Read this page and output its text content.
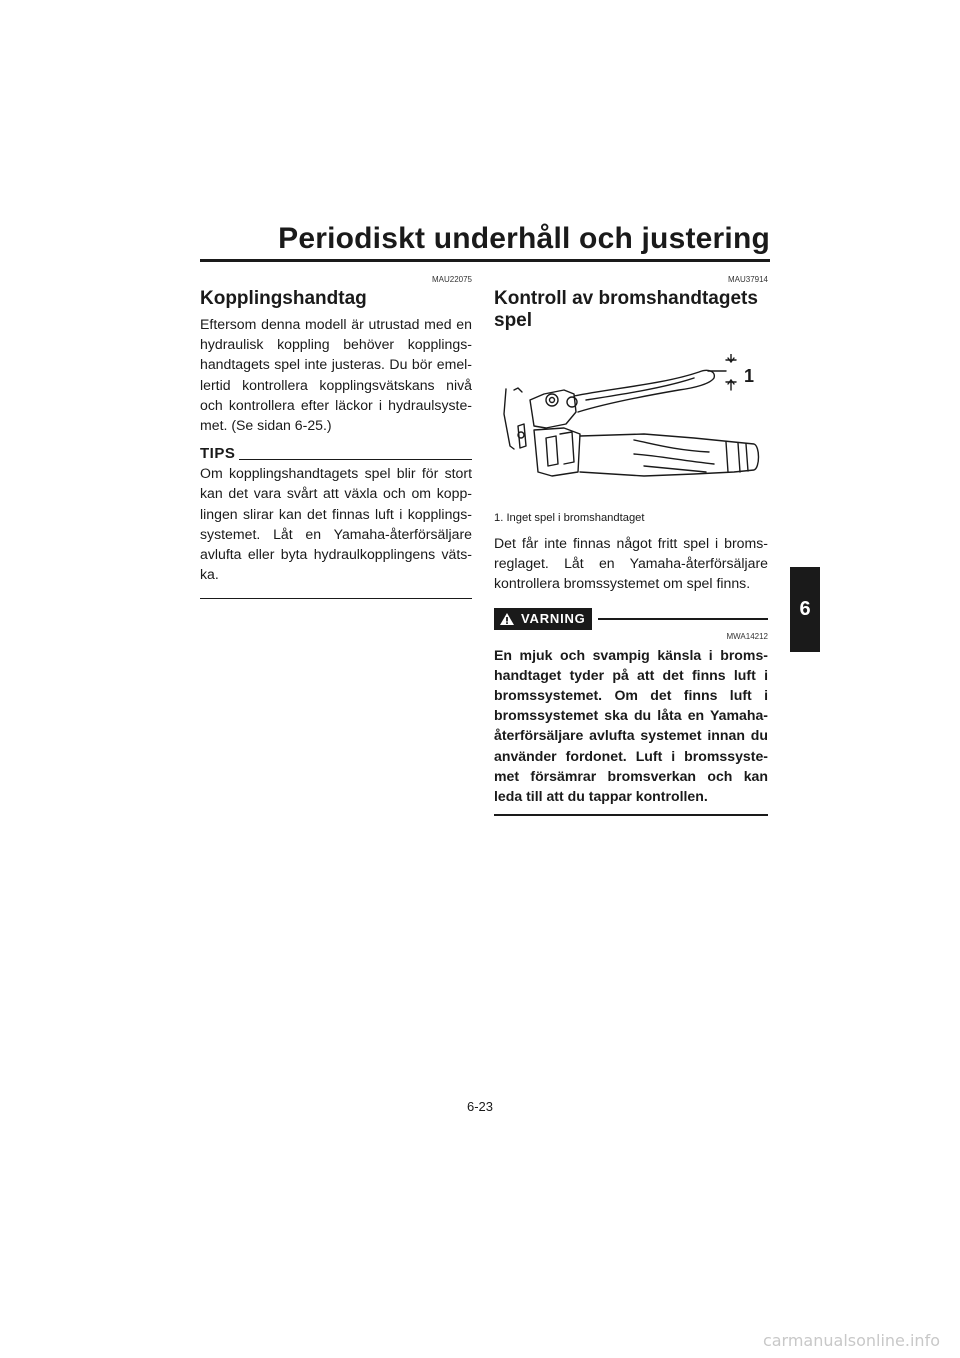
Periodiskt underhåll och justering
6
MAU22075
Kopplingshandtag
Eftersom denna modell är utrustad med en hydraulisk koppling behöver kopplingshandtagets spel inte justeras. Du bör emellertid kontrollera kopplingsvätskans nivå och kontrollera efter läckor i hydraulsystemet. (Se sidan 6-25.)
TIPS
Om kopplingshandtagets spel blir för stort kan det vara svårt att växla och om kopplingen slirar kan det finnas luft i kopplingssystemet. Låt en Yamaha-återförsäljare avlufta eller byta hydraulkopplingens vätska.
MAU37914
Kontroll av bromshandtagets spel
1
1. Inget spel i bromshandtaget
Det får inte finnas något fritt spel i bromsreglaget. Låt en Yamaha-återförsäljare kontrollera bromssystemet om spel finns.
VARNING
MWA14212
En mjuk och svampig känsla i bromshandtaget tyder på att det finns luft i bromssystemet. Om det finns luft i bromssystemet ska du låta en Yamaha-återförsäljare avlufta systemet innan du använder fordonet. Luft i bromssystemet försämrar bromsverkan och kan leda till att du tappar kontrollen.
6-23
carmanualsonline.info
